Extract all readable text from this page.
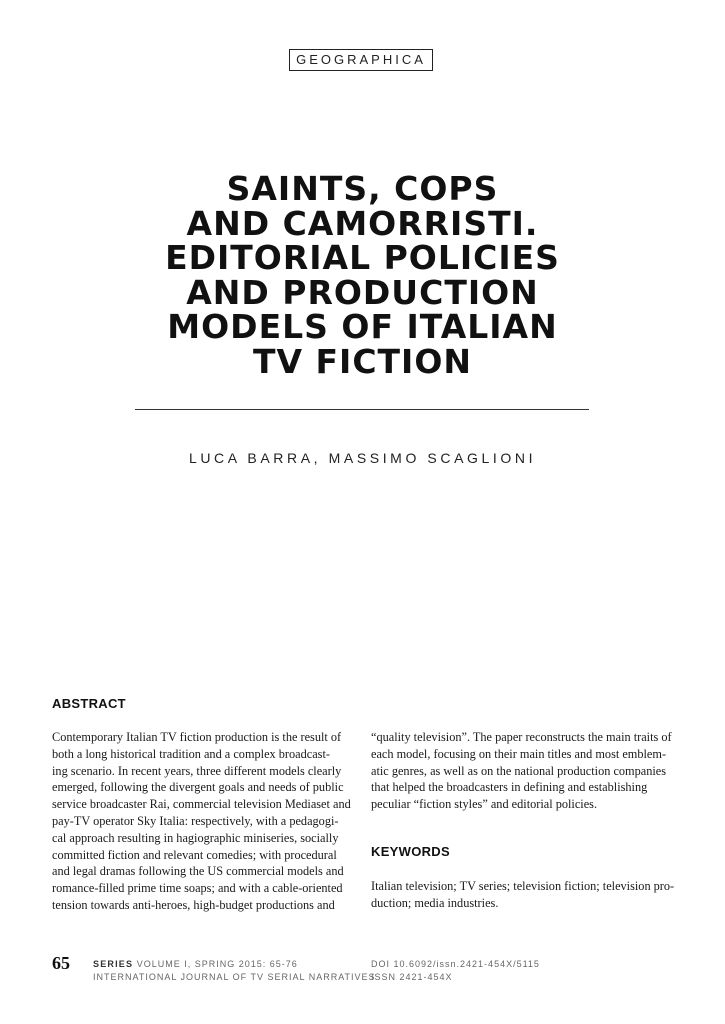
GEOGRAPHICA
SAINTS, COPS
AND CAMORRISTI.
EDITORIAL POLICIES
AND PRODUCTION
MODELS OF ITALIAN
TV FICTION
LUCA BARRA, MASSIMO SCAGLIONI
ABSTRACT
Contemporary Italian TV fiction production is the result of
both a long historical tradition and a complex broadcast-
ing scenario. In recent years, three different models clearly
emerged, following the divergent goals and needs of public
service broadcaster Rai, commercial television Mediaset and
pay-TV operator Sky Italia: respectively, with a pedagogi-
cal approach resulting in hagiographic miniseries, socially
committed fiction and relevant comedies; with procedural
and legal dramas following the US commercial models and
romance-filled prime time soaps; and with a cable-oriented
tension towards anti-heroes, high-budget productions and
“quality television”. The paper reconstructs the main traits of
each model, focusing on their main titles and most emblem-
atic genres, as well as on the national production companies
that helped the broadcasters in defining and establishing
peculiar “fiction styles” and editorial policies.
KEYWORDS
Italian television; TV series; television fiction; television pro-
duction; media industries.
65	SERIES VOLUME I, SPRING 2015: 65-76
INTERNATIONAL JOURNAL OF TV SERIAL NARRATIVES
DOI 10.6092/issn.2421-454X/5115
ISSN 2421-454X
